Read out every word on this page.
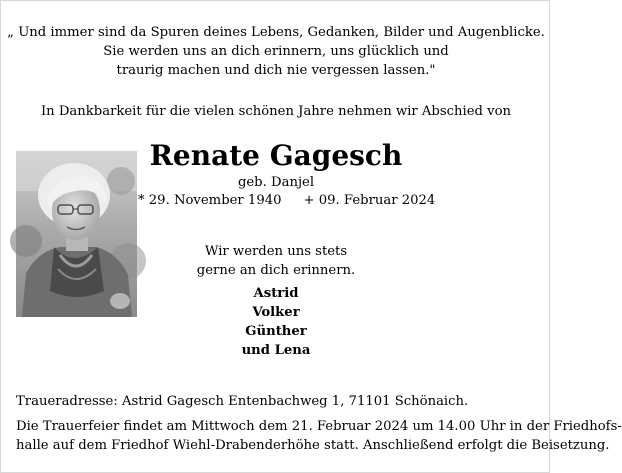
„ Und immer sind da Spuren deines Lebens, Gedanken, Bilder und Augenblicke.
Sie werden uns an dich erinnern, uns glücklich und
traurig machen und dich nie vergessen lassen."
In Dankbarkeit für die vielen schönen Jahre nehmen wir Abschied von
Renate Gagesch
geb. Danjel
* 29. November 1940 + 09. Februar 2024
Wir werden uns stets
gerne an dich erinnern.
Astrid
Volker
Günther
und Lena
Traueradresse: Astrid Gagesch Entenbachweg 1, 71101 Schönaich.
Die Trauerfeier findet am Mittwoch dem 21. Februar 2024 um 14.00 Uhr in der Friedhofs-
halle auf dem Friedhof Wiehl-Drabenderhöhe statt. Anschließend erfolgt die Beisetzung.
